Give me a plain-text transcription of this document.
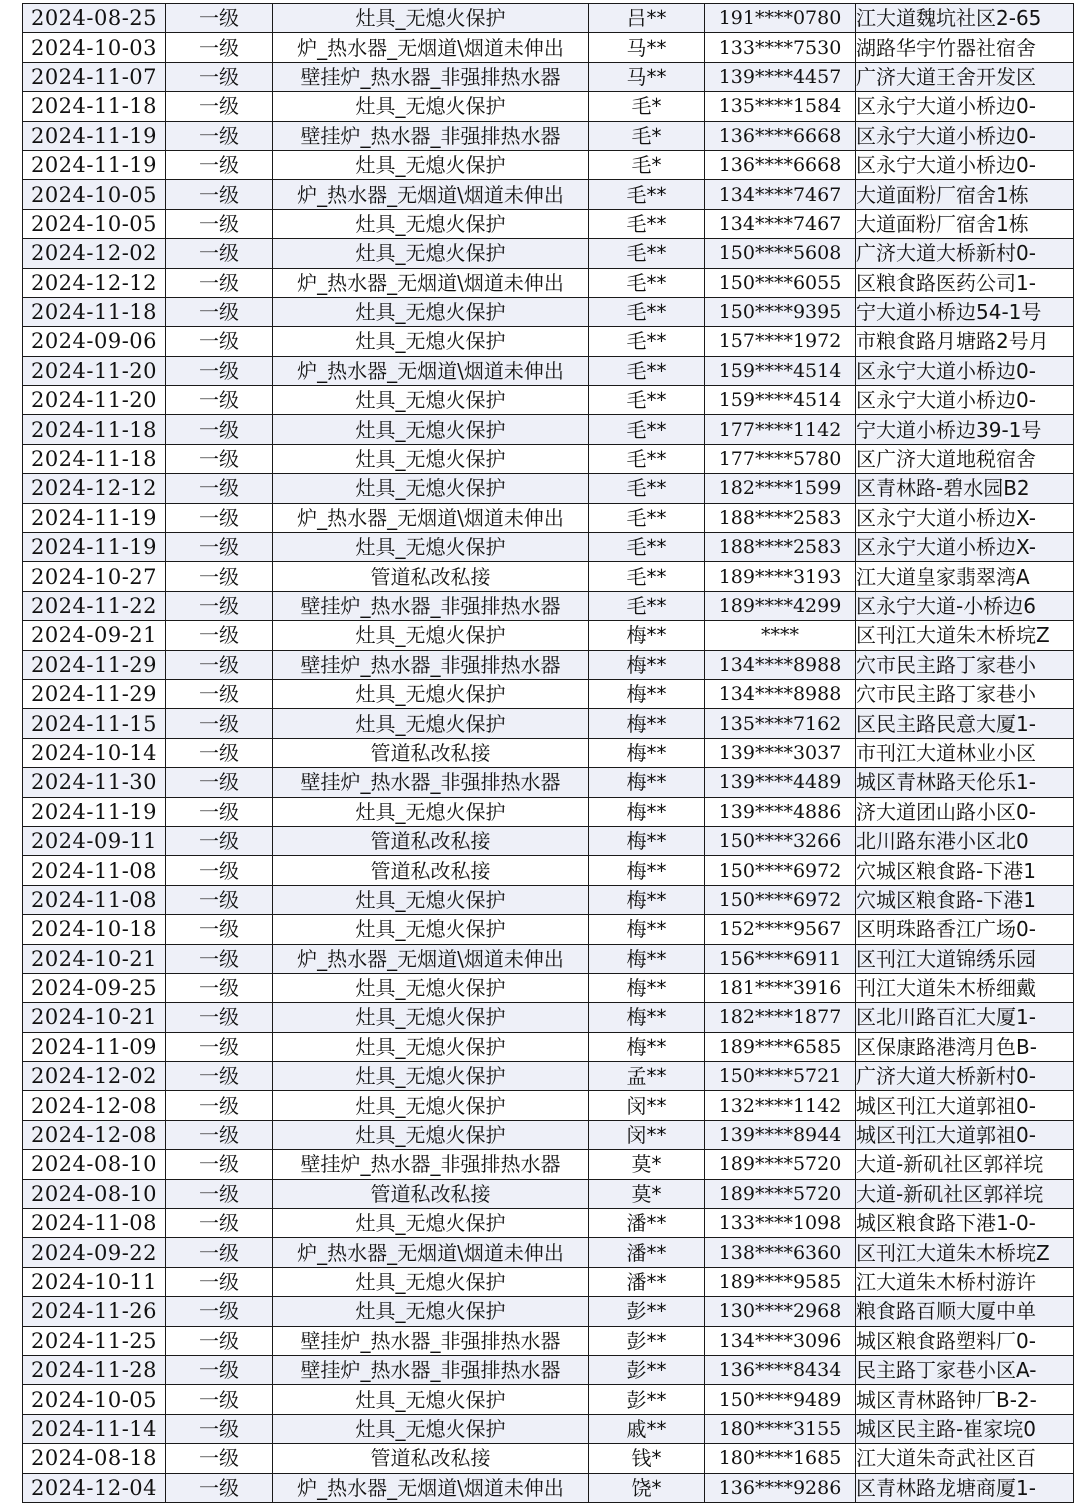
2024-08-25	一级	灶具_无熄火保护	吕**	191****0780	江大道魏坑社区2-65
2024-10-03	一级	炉_热水器_无烟道\烟道未伸出	马**	133****7530	湖路华宇竹器社宿舍
2024-11-07	一级	壁挂炉_热水器_非强排热水器	马**	139****4457	广济大道王舍开发区
2024-11-18	一级	灶具_无熄火保护	毛*	135****1584	区永宁大道小桥边0-
2024-11-19	一级	壁挂炉_热水器_非强排热水器	毛*	136****6668	区永宁大道小桥边0-
2024-11-19	一级	灶具_无熄火保护	毛*	136****6668	区永宁大道小桥边0-
2024-10-05	一级	炉_热水器_无烟道\烟道未伸出	毛**	134****7467	大道面粉厂宿舍1栋
2024-10-05	一级	灶具_无熄火保护	毛**	134****7467	大道面粉厂宿舍1栋
2024-12-02	一级	灶具_无熄火保护	毛**	150****5608	广济大道大桥新村0-
2024-12-12	一级	炉_热水器_无烟道\烟道未伸出	毛**	150****6055	区粮食路医药公司1-
2024-11-18	一级	灶具_无熄火保护	毛**	150****9395	宁大道小桥边54-1号
2024-09-06	一级	灶具_无熄火保护	毛**	157****1972	市粮食路月塘路2号月
2024-11-20	一级	炉_热水器_无烟道\烟道未伸出	毛**	159****4514	区永宁大道小桥边0-
2024-11-20	一级	灶具_无熄火保护	毛**	159****4514	区永宁大道小桥边0-
2024-11-18	一级	灶具_无熄火保护	毛**	177****1142	宁大道小桥边39-1号
2024-11-18	一级	灶具_无熄火保护	毛**	177****5780	区广济大道地税宿舍
2024-12-12	一级	灶具_无熄火保护	毛**	182****1599	区青林路-碧水园B2
2024-11-19	一级	炉_热水器_无烟道\烟道未伸出	毛**	188****2583	区永宁大道小桥边X-
2024-11-19	一级	灶具_无熄火保护	毛**	188****2583	区永宁大道小桥边X-
2024-10-27	一级	管道私改私接	毛**	189****3193	江大道皇家翡翠湾A
2024-11-22	一级	壁挂炉_热水器_非强排热水器	毛**	189****4299	区永宁大道-小桥边6
2024-09-21	一级	灶具_无熄火保护	梅**	****	区刊江大道朱木桥垸Z
2024-11-29	一级	壁挂炉_热水器_非强排热水器	梅**	134****8988	穴市民主路丁家巷小
2024-11-29	一级	灶具_无熄火保护	梅**	134****8988	穴市民主路丁家巷小
2024-11-15	一级	灶具_无熄火保护	梅**	135****7162	区民主路民意大厦1-
2024-10-14	一级	管道私改私接	梅**	139****3037	市刊江大道林业小区
2024-11-30	一级	壁挂炉_热水器_非强排热水器	梅**	139****4489	城区青林路天伦乐1-
2024-11-19	一级	灶具_无熄火保护	梅**	139****4886	济大道团山路小区0-
2024-09-11	一级	管道私改私接	梅**	150****3266	北川路东港小区北0
2024-11-08	一级	管道私改私接	梅**	150****6972	穴城区粮食路-下港1
2024-11-08	一级	灶具_无熄火保护	梅**	150****6972	穴城区粮食路-下港1
2024-10-18	一级	灶具_无熄火保护	梅**	152****9567	区明珠路香江广场0-
2024-10-21	一级	炉_热水器_无烟道\烟道未伸出	梅**	156****6911	区刊江大道锦绣乐园
2024-09-25	一级	灶具_无熄火保护	梅**	181****3916	刊江大道朱木桥细戴
2024-10-21	一级	灶具_无熄火保护	梅**	182****1877	区北川路百汇大厦1-
2024-11-09	一级	灶具_无熄火保护	梅**	189****6585	区保康路港湾月色B-
2024-12-02	一级	灶具_无熄火保护	孟**	150****5721	广济大道大桥新村0-
2024-12-08	一级	灶具_无熄火保护	闵**	132****1142	城区刊江大道郭祖0-
2024-12-08	一级	灶具_无熄火保护	闵**	139****8944	城区刊江大道郭祖0-
2024-08-10	一级	壁挂炉_热水器_非强排热水器	莫*	189****5720	大道-新矶社区郭祥垸
2024-08-10	一级	管道私改私接	莫*	189****5720	大道-新矶社区郭祥垸
2024-11-08	一级	灶具_无熄火保护	潘**	133****1098	城区粮食路下港1-0-
2024-09-22	一级	炉_热水器_无烟道\烟道未伸出	潘**	138****6360	区刊江大道朱木桥垸Z
2024-10-11	一级	灶具_无熄火保护	潘**	189****9585	江大道朱木桥村游许
2024-11-26	一级	灶具_无熄火保护	彭**	130****2968	粮食路百顺大厦中单
2024-11-25	一级	壁挂炉_热水器_非强排热水器	彭**	134****3096	城区粮食路塑料厂0-
2024-11-28	一级	壁挂炉_热水器_非强排热水器	彭**	136****8434	民主路丁家巷小区A-
2024-10-05	一级	灶具_无熄火保护	彭**	150****9489	城区青林路钟厂B-2-
2024-11-14	一级	灶具_无熄火保护	戚**	180****3155	城区民主路-崔家垸0
2024-08-18	一级	管道私改私接	钱*	180****1685	江大道朱奇武社区百
2024-12-04	一级	炉_热水器_无烟道\烟道未伸出	饶*	136****9286	区青林路龙塘商厦1-
